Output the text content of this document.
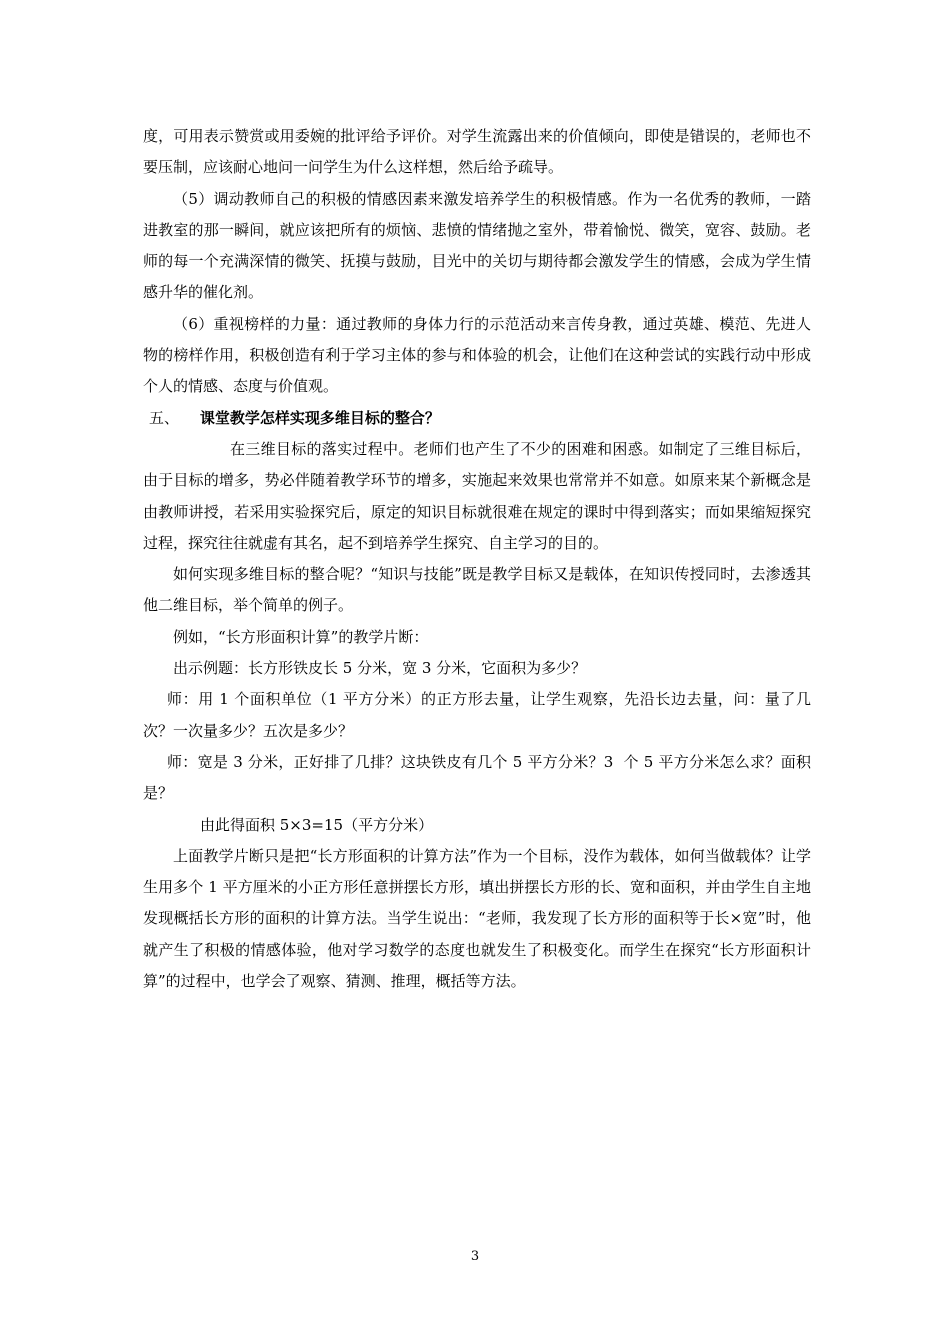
度，可用表示赞赏或用委婉的批评给予评价。对学生流露出来的价值倾向，即使是错误的，老师也不要压制，应该耐心地问一问学生为什么这样想，然后给予疏导。

（5）调动教师自己的积极的情感因素来激发培养学生的积极情感。作为一名优秀的教师，一踏进教室的那一瞬间，就应该把所有的烦恼、悲愤的情绪抛之室外，带着愉悦、微笑，宽容、鼓励。老师的每一个充满深情的微笑、抚摸与鼓励，目光中的关切与期待都会激发学生的情感，会成为学生情感升华的催化剂。

（6）重视榜样的力量：通过教师的身体力行的示范活动来言传身教，通过英雄、模范、先进人物的榜样作用，积极创造有利于学习主体的参与和体验的机会，让他们在这种尝试的实践行动中形成个人的情感、态度与价值观。

五、 课堂教学怎样实现多维目标的整合？

在三维目标的落实过程中。老师们也产生了不少的困难和困惑。如制定了三维目标后，由于目标的增多，势必伴随着教学环节的增多，实施起来效果也常常并不如意。如原来某个新概念是由教师讲授，若采用实验探究后，原定的知识目标就很难在规定的课时中得到落实；而如果缩短探究过程，探究往往就虚有其名，起不到培养学生探究、自主学习的目的。

如何实现多维目标的整合呢？“知识与技能”既是教学目标又是载体，在知识传授同时，去渗透其他二维目标，举个简单的例子。

例如，“长方形面积计算”的教学片断：

出示例题：长方形铁皮长 5 分米，宽 3 分米，它面积为多少？

师：用 1 个面积单位（1 平方分米）的正方形去量，让学生观察，先沿长边去量，问：量了几次？一次量多少？五次是多少？

师：宽是 3 分米，正好排了几排？这块铁皮有几个 5 平方分米？3  个 5 平方分米怎么求？面积是？

由此得面积 5×3=15（平方分米）

上面教学片断只是把“长方形面积的计算方法”作为一个目标，没作为载体，如何当做载体？让学生用多个 1 平方厘米的小正方形任意拼摆长方形，填出拼摆长方形的长、宽和面积，并由学生自主地发现概括长方形的面积的计算方法。当学生说出：“老师，我发现了长方形的面积等于长×宽”时，他就产生了积极的情感体验，他对学习数学的态度也就发生了积极变化。而学生在探究“长方形面积计算”的过程中，也学会了观察、猜测、推理，概括等方法。

3
